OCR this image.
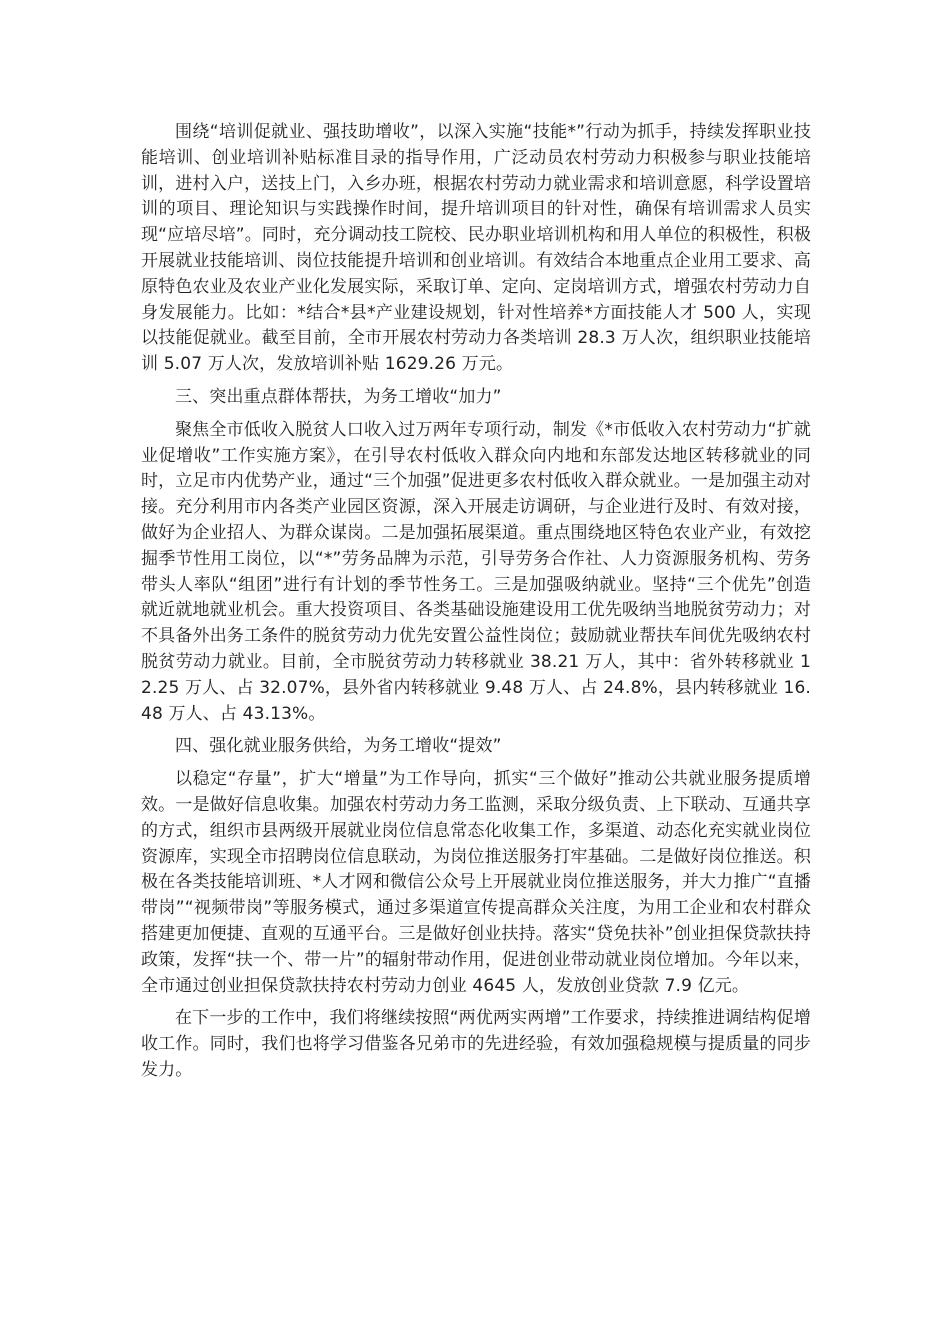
围绕“培训促就业、强技助增收”，以深入实施“技能*”行动为抓手，持续发挥职业技能培训、创业培训补贴标准目录的指导作用，广泛动员农村劳动力积极参与职业技能培训，进村入户，送技上门，入乡办班，根据农村劳动力就业需求和培训意愿，科学设置培训的项目、理论知识与实践操作时间，提升培训项目的针对性，确保有培训需求人员实现“应培尽培”。同时，充分调动技工院校、民办职业培训机构和用人单位的积极性，积极开展就业技能培训、岗位技能提升培训和创业培训。有效结合本地重点企业用工要求、高原特色农业及农业产业化发展实际，采取订单、定向、定岗培训方式，增强农村劳动力自身发展能力。比如：*结合*县*产业建设规划，针对性培养*方面技能人才 500 人，实现以技能促就业。截至目前，全市开展农村劳动力各类培训 28.3 万人次，组织职业技能培训 5.07 万人次，发放培训补贴 1629.26 万元。

三、突出重点群体帮扶，为务工增收“加力”

聚焦全市低收入脱贫人口收入过万两年专项行动，制发《*市低收入农村劳动力“扩就业促增收”工作实施方案》，在引导农村低收入群众向内地和东部发达地区转移就业的同时，立足市内优势产业，通过“三个加强”促进更多农村低收入群众就业。一是加强主动对接。充分利用市内各类产业园区资源，深入开展走访调研，与企业进行及时、有效对接，做好为企业招人、为群众谋岗。二是加强拓展渠道。重点围绕地区特色农业产业，有效挖掘季节性用工岗位，以“*”劳务品牌为示范，引导劳务合作社、人力资源服务机构、劳务带头人率队“组团”进行有计划的季节性务工。三是加强吸纳就业。坚持“三个优先”创造就近就地就业机会。重大投资项目、各类基础设施建设用工优先吸纳当地脱贫劳动力；对不具备外出务工条件的脱贫劳动力优先安置公益性岗位；鼓励就业帮扶车间优先吸纳农村脱贫劳动力就业。目前，全市脱贫劳动力转移就业 38.21 万人，其中：省外转移就业 12.25 万人、占 32.07%，县外省内转移就业 9.48 万人、占 24.8%，县内转移就业 16.48 万人、占 43.13%。

四、强化就业服务供给，为务工增收“提效”

以稳定“存量”，扩大“增量”为工作导向，抓实“三个做好”推动公共就业服务提质增效。一是做好信息收集。加强农村劳动力务工监测，采取分级负责、上下联动、互通共享的方式，组织市县两级开展就业岗位信息常态化收集工作，多渠道、动态化充实就业岗位资源库，实现全市招聘岗位信息联动，为岗位推送服务打牢基础。二是做好岗位推送。积极在各类技能培训班、*人才网和微信公众号上开展就业岗位推送服务，并大力推广“直播带岗”“视频带岗”等服务模式，通过多渠道宣传提高群众关注度，为用工企业和农村群众搭建更加便捷、直观的互通平台。三是做好创业扶持。落实“贷免扶补”创业担保贷款扶持政策，发挥“扶一个、带一片”的辐射带动作用，促进创业带动就业岗位增加。今年以来，全市通过创业担保贷款扶持农村劳动力创业 4645 人，发放创业贷款 7.9 亿元。

在下一步的工作中，我们将继续按照“两优两实两增”工作要求，持续推进调结构促增收工作。同时，我们也将学习借鉴各兄弟市的先进经验，有效加强稳规模与提质量的同步发力。
